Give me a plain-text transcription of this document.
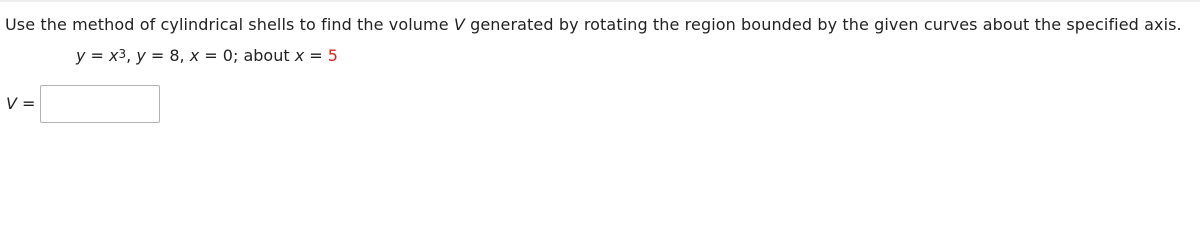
Use the method of cylindrical shells to find the volume V generated by rotating the region bounded by the given curves about the specified axis.
$y = x^3$, y = 8, x = 0; about x = 5
V =
